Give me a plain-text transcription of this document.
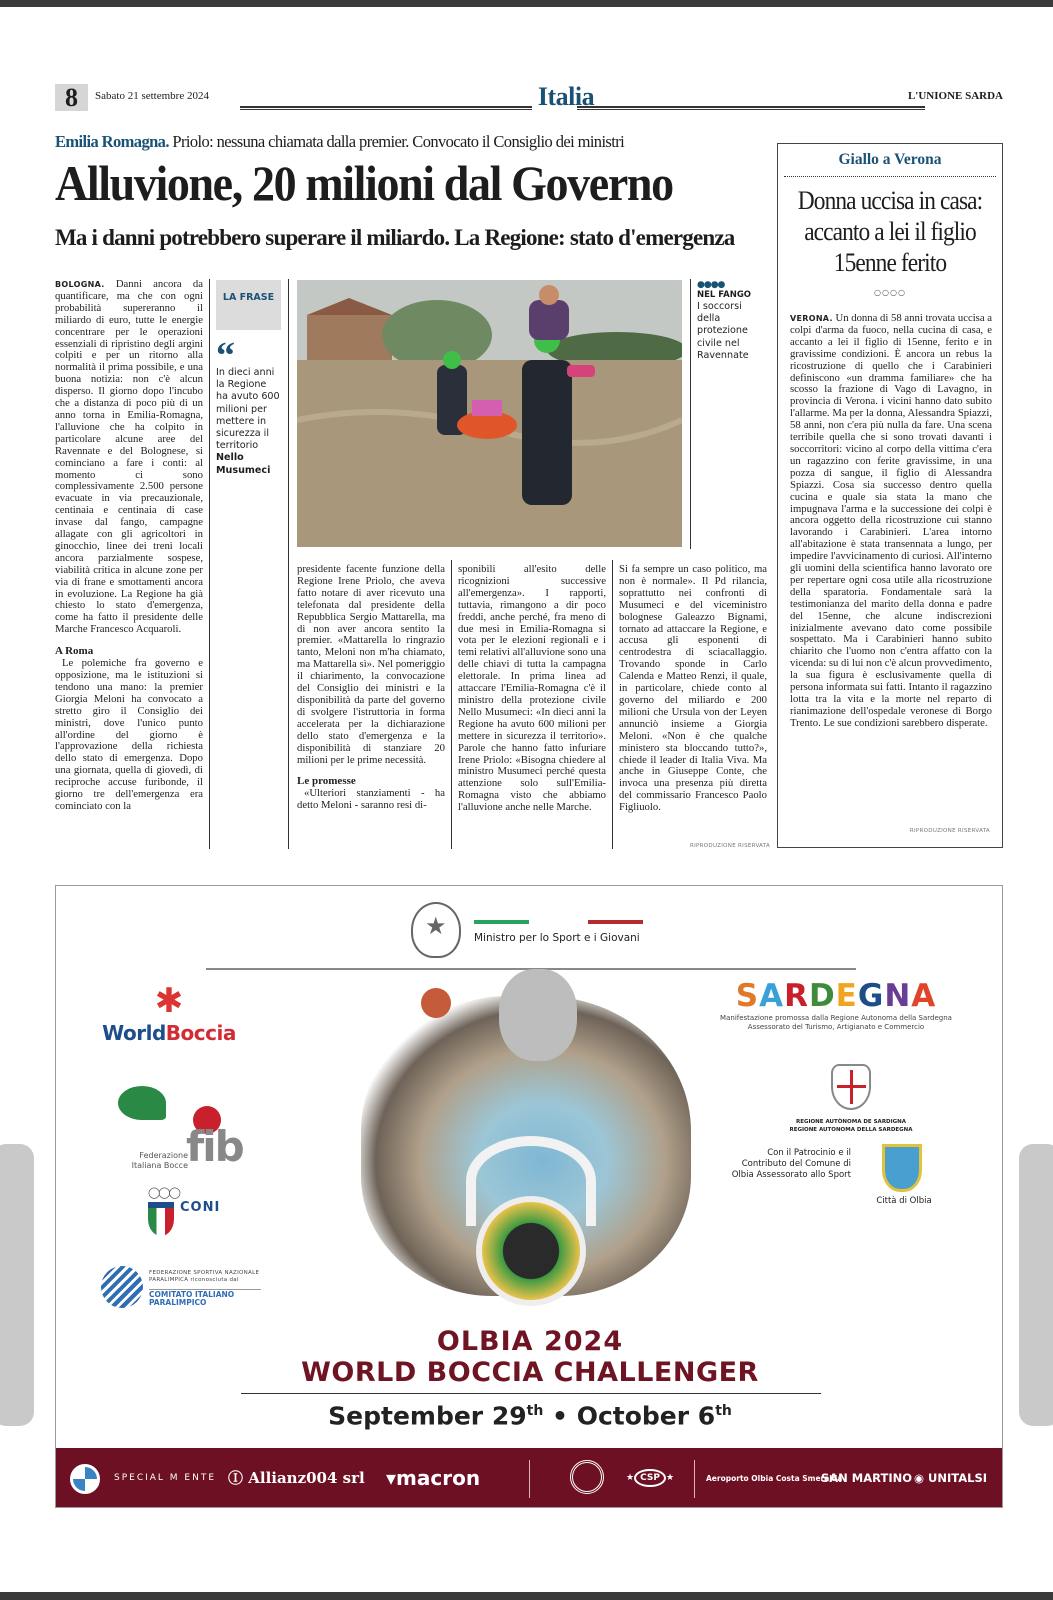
8	Sabato 21 settembre 2024	Italia	L'UNIONE SARDA
Emilia Romagna. Priolo: nessuna chiamata dalla premier. Convocato il Consiglio dei ministri
Alluvione, 20 milioni dal Governo
Ma i danni potrebbero superare il miliardo. La Regione: stato d'emergenza

BOLOGNA. Danni ancora da quantificare, ma che con ogni probabilità supereranno il miliardo di euro, tutte le energie concentrare per le operazioni essenziali di ripristino degli argini colpiti e per un ritorno alla normalità il prima possibile, e una buona notizia: non c'è alcun disperso. Il giorno dopo l'incubo che a distanza di poco più di un anno torna in Emilia-Romagna, l'alluvione che ha colpito in particolare alcune aree del Ravennate e del Bolognese, si cominciano a fare i conti: al momento ci sono complessivamente 2.500 persone evacuate in via precauzionale, centinaia e centinaia di case invase dal fango, campagne allagate con gli agricoltori in ginocchio, linee dei treni locali ancora parzialmente sospese, viabilità critica in alcune zone per via di frane e smottamenti ancora in evoluzione. La Regione ha già chiesto lo stato d'emergenza, come ha fatto il presidente delle Marche Francesco Acquaroli.

A Roma

Le polemiche fra governo e opposizione, ma le istituzioni si tendono una mano: la premier Giorgia Meloni ha convocato a stretto giro il Consiglio dei ministri, dove l'unico punto all'ordine del giorno è l'approvazione della richiesta dello stato di emergenza. Dopo una giornata, quella di giovedì, di reciproche accuse furibonde, il giorno tre dell'emergenza era cominciato con la

LA FRASE
“
In dieci anni la Regione ha avuto 600 milioni per mettere in sicurezza il territorio
Nello Musumeci
●●●●
NEL FANGO
I soccorsi della protezione civile nel Ravennate

presidente facente funzione della Regione Irene Priolo, che aveva fatto notare di aver ricevuto una telefonata dal presidente della Repubblica Sergio Mattarella, ma di non aver ancora sentito la premier. «Mattarella lo ringrazio tanto, Meloni non m'ha chiamato, ma Mattarella sì». Nel pomeriggio il chiarimento, la convocazione del Consiglio dei ministri e la disponibilità da parte del governo di svolgere l'istruttoria in forma accelerata per la dichiarazione dello stato d'emergenza e la disponibilità di stanziare 20 milioni per le prime necessità.

Le promesse

«Ulteriori stanziamenti - ha detto Meloni - saranno resi di-

sponibili all'esito delle ricognizioni successive all'emergenza». I rapporti, tuttavia, rimangono a dir poco freddi, anche perché, fra meno di due mesi in Emilia-Romagna si vota per le elezioni regionali e i temi relativi all'alluvione sono una delle chiavi di tutta la campagna elettorale. In prima linea ad attaccare l'Emilia-Romagna c'è il ministro della protezione civile Nello Musumeci: «In dieci anni la Regione ha avuto 600 milioni per mettere in sicurezza il territorio». Parole che hanno fatto infuriare Irene Priolo: «Bisogna chiedere al ministro Musumeci perché questa attenzione solo sull'Emilia-Romagna visto che abbiamo l'alluvione anche nelle Marche.

Si fa sempre un caso politico, ma non è normale». Il Pd rilancia, soprattutto nei confronti di Musumeci e del viceministro bolognese Galeazzo Bignami, tornato ad attaccare la Regione, e accusa gli esponenti di centrodestra di sciacallaggio. Trovando sponde in Carlo Calenda e Matteo Renzi, il quale, in particolare, chiede conto al governo del miliardo e 200 milioni che Ursula von der Leyen annunciò insieme a Giorgia Meloni. «Non è che qualche ministero sta bloccando tutto?», chiede il leader di Italia Viva. Ma anche in Giuseppe Conte, che invoca una presenza più diretta del commissario Francesco Paolo Figliuolo.

RIPRODUZIONE RISERVATA
Giallo a Verona
Donna uccisa in casa: accanto a lei il figlio 15enne ferito
○○○○

VERONA. Un donna di 58 anni trovata uccisa a colpi d'arma da fuoco, nella cucina di casa, e accanto a lei il figlio di 15enne, ferito e in gravissime condizioni. È ancora un rebus la ricostruzione di quello che i Carabinieri definiscono «un dramma familiare» che ha scosso la frazione di Vago di Lavagno, in provincia di Verona. i vicini hanno dato subito l'allarme. Ma per la donna, Alessandra Spiazzi, 58 anni, non c'era più nulla da fare. Una scena terribile quella che si sono trovati davanti i soccorritori: vicino al corpo della vittima c'era un ragazzino con ferite gravissime, in una pozza di sangue, il figlio di Alessandra Spiazzi. Cosa sia successo dentro quella cucina e quale sia stata la mano che impugnava l'arma e la successione dei colpi è ancora oggetto della ricostruzione cui stanno lavorando i Carabinieri. L'area intorno all'abitazione è stata transennata a lungo, per impedire l'avvicinamento di curiosi. All'interno gli uomini della scientifica hanno lavorato ore per repertare ogni cosa utile alla ricostruzione della sparatoria. Fondamentale sarà la testimonianza del marito della donna e padre del 15enne, che alcune indiscrezioni inizialmente avevano dato come possibile sospettato. Ma i Carabinieri hanno subito chiarito che l'uomo non c'entra affatto con la vicenda: su di lui non c'è alcun provvedimento, la sua figura è esclusivamente quella di persona informata sui fatti. Intanto il ragazzino lotta tra la vita e la morte nel reparto di rianimazione dell'ospedale veronese di Borgo Trento. Le sue condizioni sarebbero disperate.

RIPRODUZIONE RISERVATA
★
Ministro per lo Sport e i Giovani
✱
WorldBoccia
fib
Federazione Italiana Bocce
◯◯◯
CONI
FEDERAZIONE SPORTIVA NAZIONALE PARALIMPICA riconosciuta dal
COMITATO ITALIANO PARALIMPICO
SARDEGNA
Manifestazione promossa dalla Regione Autonoma della Sardegna Assessorato del Turismo, Artigianato e Commercio
REGIONE AUTÒNOMA DE SARDIGNA
REGIONE AUTONOMA DELLA SARDEGNA
Con il Patrocinio e il Contributo del Comune di Olbia Assessorato allo Sport
Città di Olbia
OLBIA 2024
WORLD BOCCIA CHALLENGER
September 29th • October 6th
SPECIAL M ENTE Ⓘ Allianz004 srl ▾macron	★ CSP ★	Aeroporto Olbia Costa Smeralda
SAN MARTINO ◉ UNITALSI
